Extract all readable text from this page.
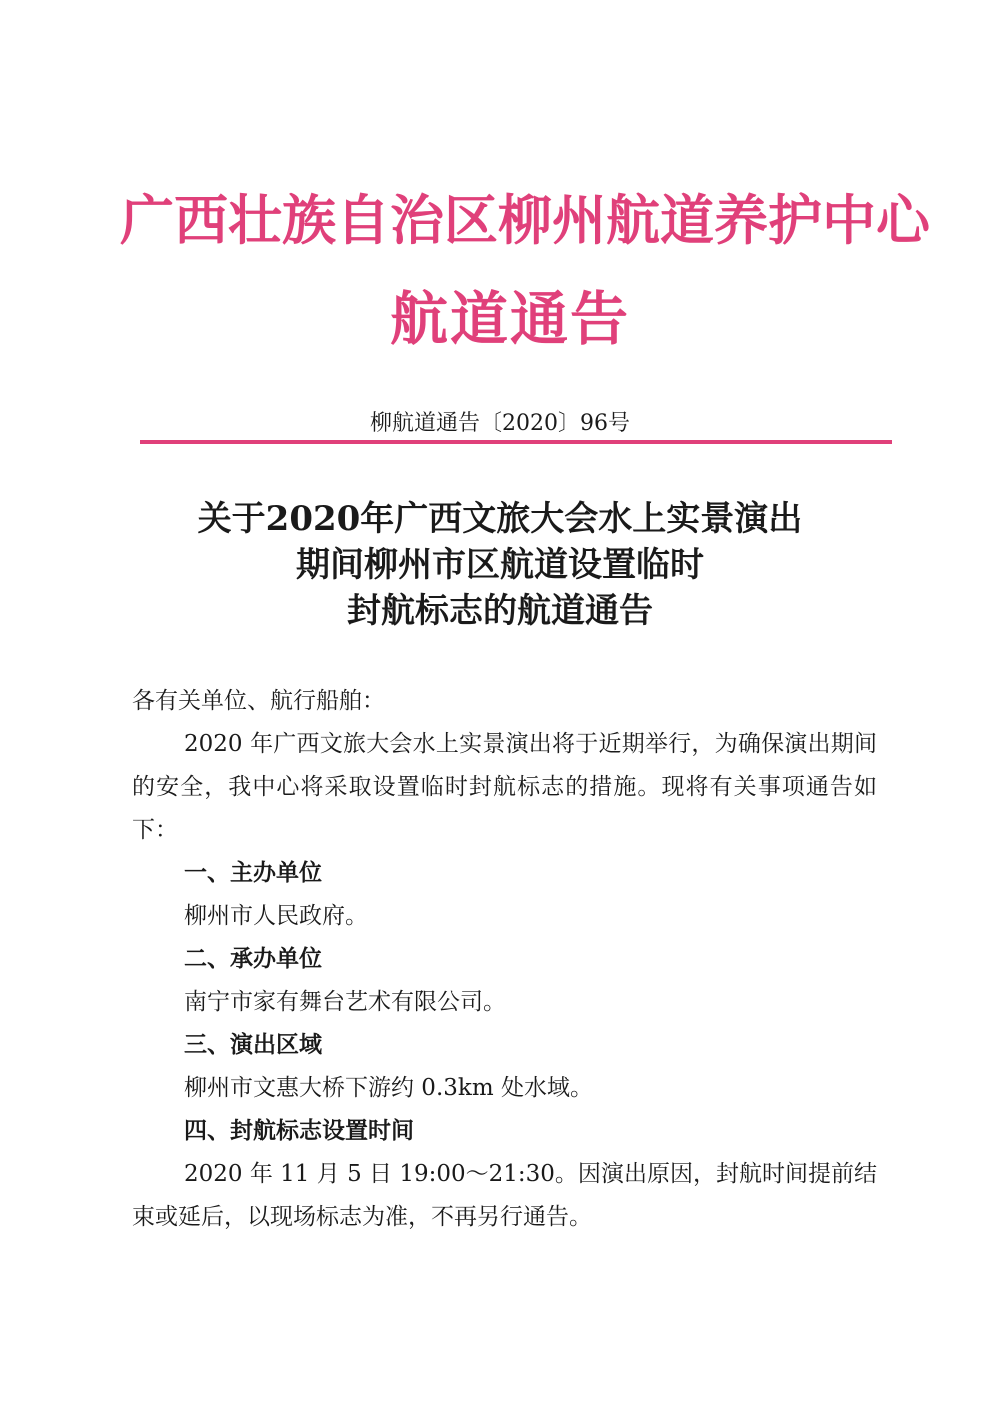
广西壮族自治区柳州航道养护中心
航道通告
柳航道通告〔2020〕96号
关于2020年广西文旅大会水上实景演出
期间柳州市区航道设置临时
封航标志的航道通告

各有关单位、航行船舶：

2020 年广西文旅大会水上实景演出将于近期举行，为确保演出期间的安全，我中心将采取设置临时封航标志的措施。现将有关事项通告如下：

一、主办单位

柳州市人民政府。

二、承办单位

南宁市家有舞台艺术有限公司。

三、演出区域

柳州市文惠大桥下游约 0.3km 处水域。

四、封航标志设置时间

2020 年 11 月 5 日 19:00～21:30。因演出原因，封航时间提前结束或延后，以现场标志为准，不再另行通告。
